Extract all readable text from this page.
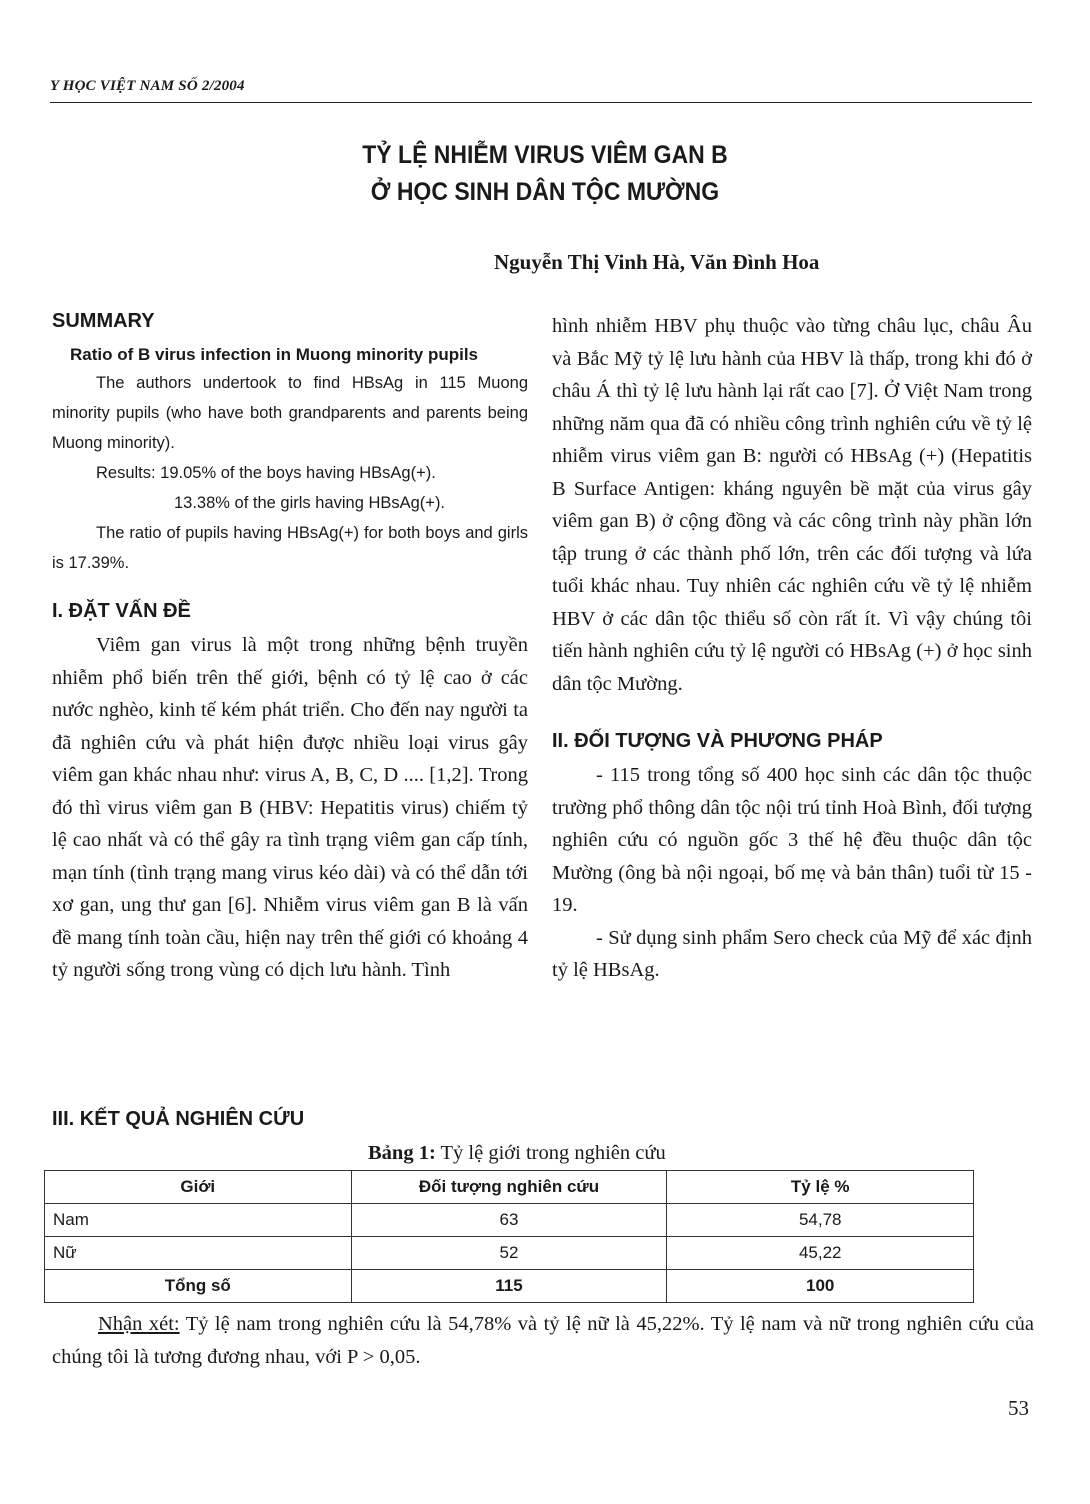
Y HỌC VIỆT NAM SỐ 2/2004
TỶ LỆ NHIỄM VIRUS VIÊM GAN B
Ở HỌC SINH DÂN TỘC MƯỜNG
Nguyễn Thị Vinh Hà, Văn Đình Hoa

SUMMARY

Ratio of B virus infection in Muong minority pupils

The authors undertook to find HBsAg in 115 Muong minority pupils (who have both grandparents and parents being Muong minority).

Results: 19.05% of the boys having HBsAg(+).

13.38% of the girls having HBsAg(+).

The ratio of pupils having HBsAg(+) for both boys and girls is 17.39%.

I. ĐẶT VẤN ĐỀ

Viêm gan virus là một trong những bệnh truyền nhiễm phổ biến trên thế giới, bệnh có tỷ lệ cao ở các nước nghèo, kinh tế kém phát triển. Cho đến nay người ta đã nghiên cứu và phát hiện được nhiều loại virus gây viêm gan khác nhau như: virus A, B, C, D .... [1,2]. Trong đó thì virus viêm gan B (HBV: Hepatitis virus) chiếm tỷ lệ cao nhất và có thể gây ra tình trạng viêm gan cấp tính, mạn tính (tình trạng mang virus kéo dài) và có thể dẫn tới xơ gan, ung thư gan [6]. Nhiễm virus viêm gan B là vấn đề mang tính toàn cầu, hiện nay trên thế giới có khoảng 4 tỷ người sống trong vùng có dịch lưu hành. Tình

hình nhiễm HBV phụ thuộc vào từng châu lục, châu Âu và Bắc Mỹ tỷ lệ lưu hành của HBV là thấp, trong khi đó ở châu Á thì tỷ lệ lưu hành lại rất cao [7]. Ở Việt Nam trong những năm qua đã có nhiều công trình nghiên cứu về tỷ lệ nhiễm virus viêm gan B: người có HBsAg (+) (Hepatitis B Surface Antigen: kháng nguyên bề mặt của virus gây viêm gan B) ở cộng đồng và các công trình này phần lớn tập trung ở các thành phố lớn, trên các đối tượng và lứa tuổi khác nhau. Tuy nhiên các nghiên cứu về tỷ lệ nhiễm HBV ở các dân tộc thiểu số còn rất ít. Vì vậy chúng tôi tiến hành nghiên cứu tỷ lệ người có HBsAg (+) ở học sinh dân tộc Mường.

II. ĐỐI TƯỢNG VÀ PHƯƠNG PHÁP

- 115 trong tổng số 400 học sinh các dân tộc thuộc trường phổ thông dân tộc nội trú tỉnh Hoà Bình, đối tượng nghiên cứu có nguồn gốc 3 thế hệ đều thuộc dân tộc Mường (ông bà nội ngoại, bố mẹ và bản thân) tuổi từ 15 - 19.

- Sử dụng sinh phẩm Sero check của Mỹ để xác định tỷ lệ HBsAg.

III. KẾT QUẢ NGHIÊN CỨU
Bảng 1: Tỷ lệ giới trong nghiên cứu
Giới	Đối tượng nghiên cứu	Tỷ lệ %
Nam	63	54,78
Nữ	52	45,22
Tổng số	115	100
Nhận xét: Tỷ lệ nam trong nghiên cứu là 54,78% và tỷ lệ nữ là 45,22%. Tỷ lệ nam và nữ trong nghiên cứu của chúng tôi là tương đương nhau, với P > 0,05.
53
